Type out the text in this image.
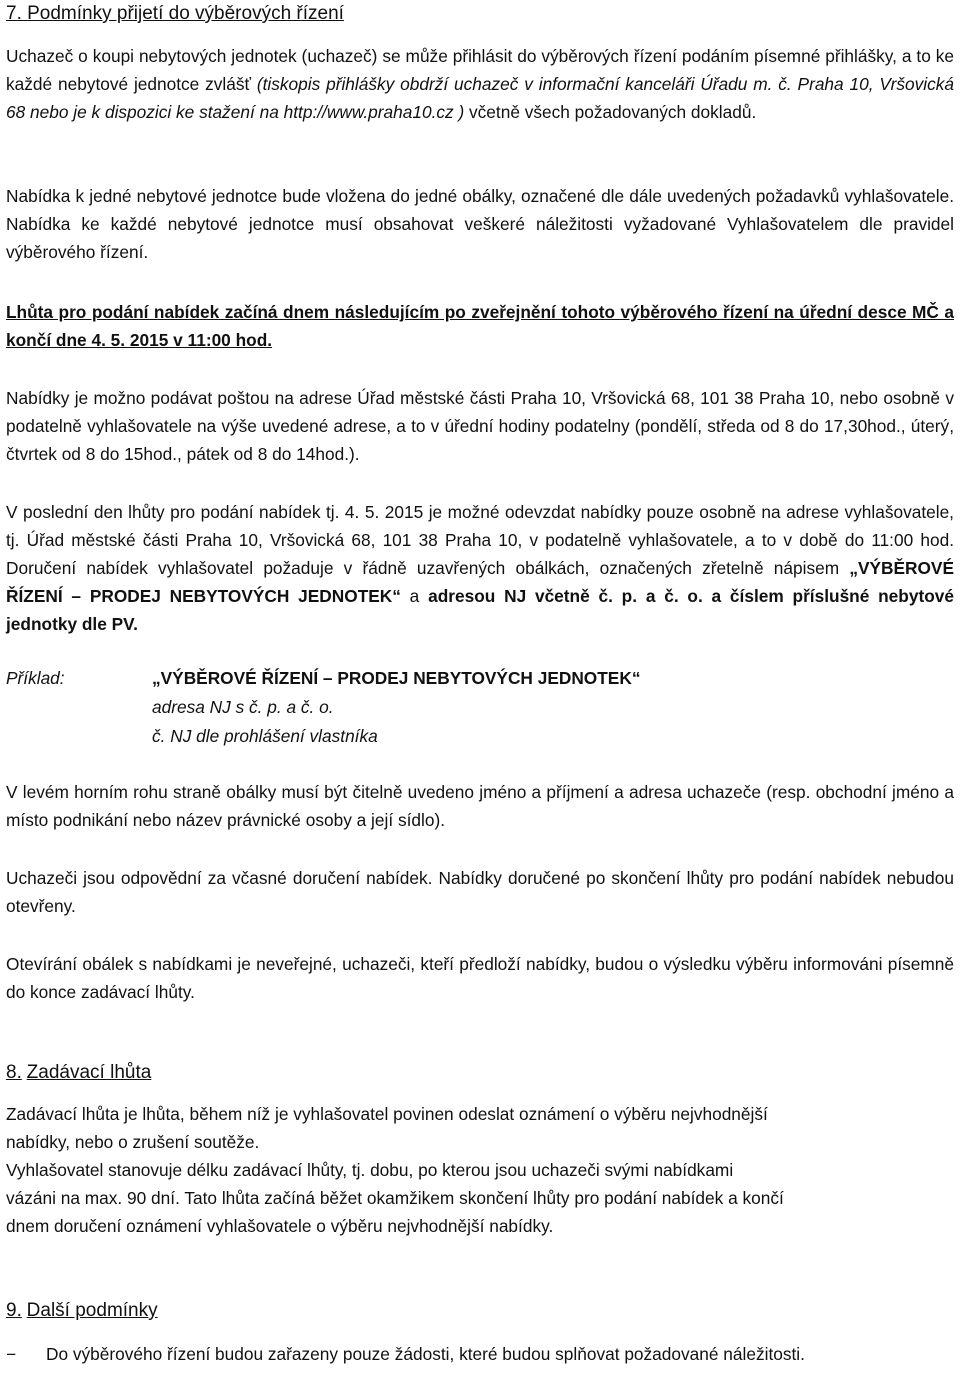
7. Podmínky přijetí do výběrových řízení

Uchazeč o koupi nebytových jednotek (uchazeč) se může přihlásit do výběrových řízení podáním písemné přihlášky, a to ke každé nebytové jednotce zvlášť (tiskopis přihlášky obdrží uchazeč v informační kanceláři Úřadu m. č. Praha 10, Vršovická 68 nebo je k dispozici ke stažení na http://www.praha10.cz ) včetně všech požadovaných dokladů.

Nabídka k jedné nebytové jednotce bude vložena do jedné obálky, označené dle dále uvedených požadavků vyhlašovatele. Nabídka ke každé nebytové jednotce musí obsahovat veškeré náležitosti vyžadované Vyhlašovatelem dle pravidel výběrového řízení.

Lhůta pro podání nabídek začíná dnem následujícím po zveřejnění tohoto výběrového řízení na úřední desce MČ a končí dne 4. 5. 2015 v 11:00 hod.

Nabídky je možno podávat poštou na adrese Úřad městské části Praha 10, Vršovická 68, 101 38 Praha 10, nebo osobně v podatelně vyhlašovatele na výše uvedené adrese, a to v úřední hodiny podatelny (pondělí, středa od 8 do 17,30hod., úterý, čtvrtek od 8 do 15hod., pátek od 8 do 14hod.).

V poslední den lhůty pro podání nabídek tj. 4. 5. 2015 je možné odevzdat nabídky pouze osobně na adrese vyhlašovatele, tj. Úřad městské části Praha 10, Vršovická 68, 101 38 Praha 10, v podatelně vyhlašovatele, a to v době do 11:00 hod. Doručení nabídek vyhlašovatel požaduje v řádně uzavřených obálkách, označených zřetelně nápisem „VÝBĚROVÉ ŘÍZENÍ – PRODEJ NEBYTOVÝCH JEDNOTEK“ a adresou NJ včetně č. p. a č. o. a číslem příslušné nebytové jednotky dle PV.

Příklad:	„VÝBĚROVÉ ŘÍZENÍ – PRODEJ NEBYTOVÝCH JEDNOTEK“
adresa NJ s č. p. a č. o.
č. NJ dle prohlášení vlastníka

V levém horním rohu straně obálky musí být čitelně uvedeno jméno a příjmení a adresa uchazeče (resp. obchodní jméno a místo podnikání nebo název právnické osoby a její sídlo).

Uchazeči jsou odpovědní za včasné doručení nabídek. Nabídky doručené po skončení lhůty pro podání nabídek nebudou otevřeny.

Otevírání obálek s nabídkami je neveřejné, uchazeči, kteří předloží nabídky, budou o výsledku výběru informováni písemně do konce zadávací lhůty.

8. Zadávací lhůta
Zadávací lhůta je lhůta, během níž je vyhlašovatel povinen odeslat oznámení o výběru nejvhodnější
nabídky, nebo o zrušení soutěže.
Vyhlašovatel stanovuje délku zadávací lhůty, tj. dobu, po kterou jsou uchazeči svými nabídkami
vázáni na max. 90 dní. Tato lhůta začíná běžet okamžikem skončení lhůty pro podání nabídek a končí
dnem doručení oznámení vyhlašovatele o výběru nejvhodnější nabídky.
9. Další podmínky
− Do výběrového řízení budou zařazeny pouze žádosti, které budou splňovat požadované náležitosti.
